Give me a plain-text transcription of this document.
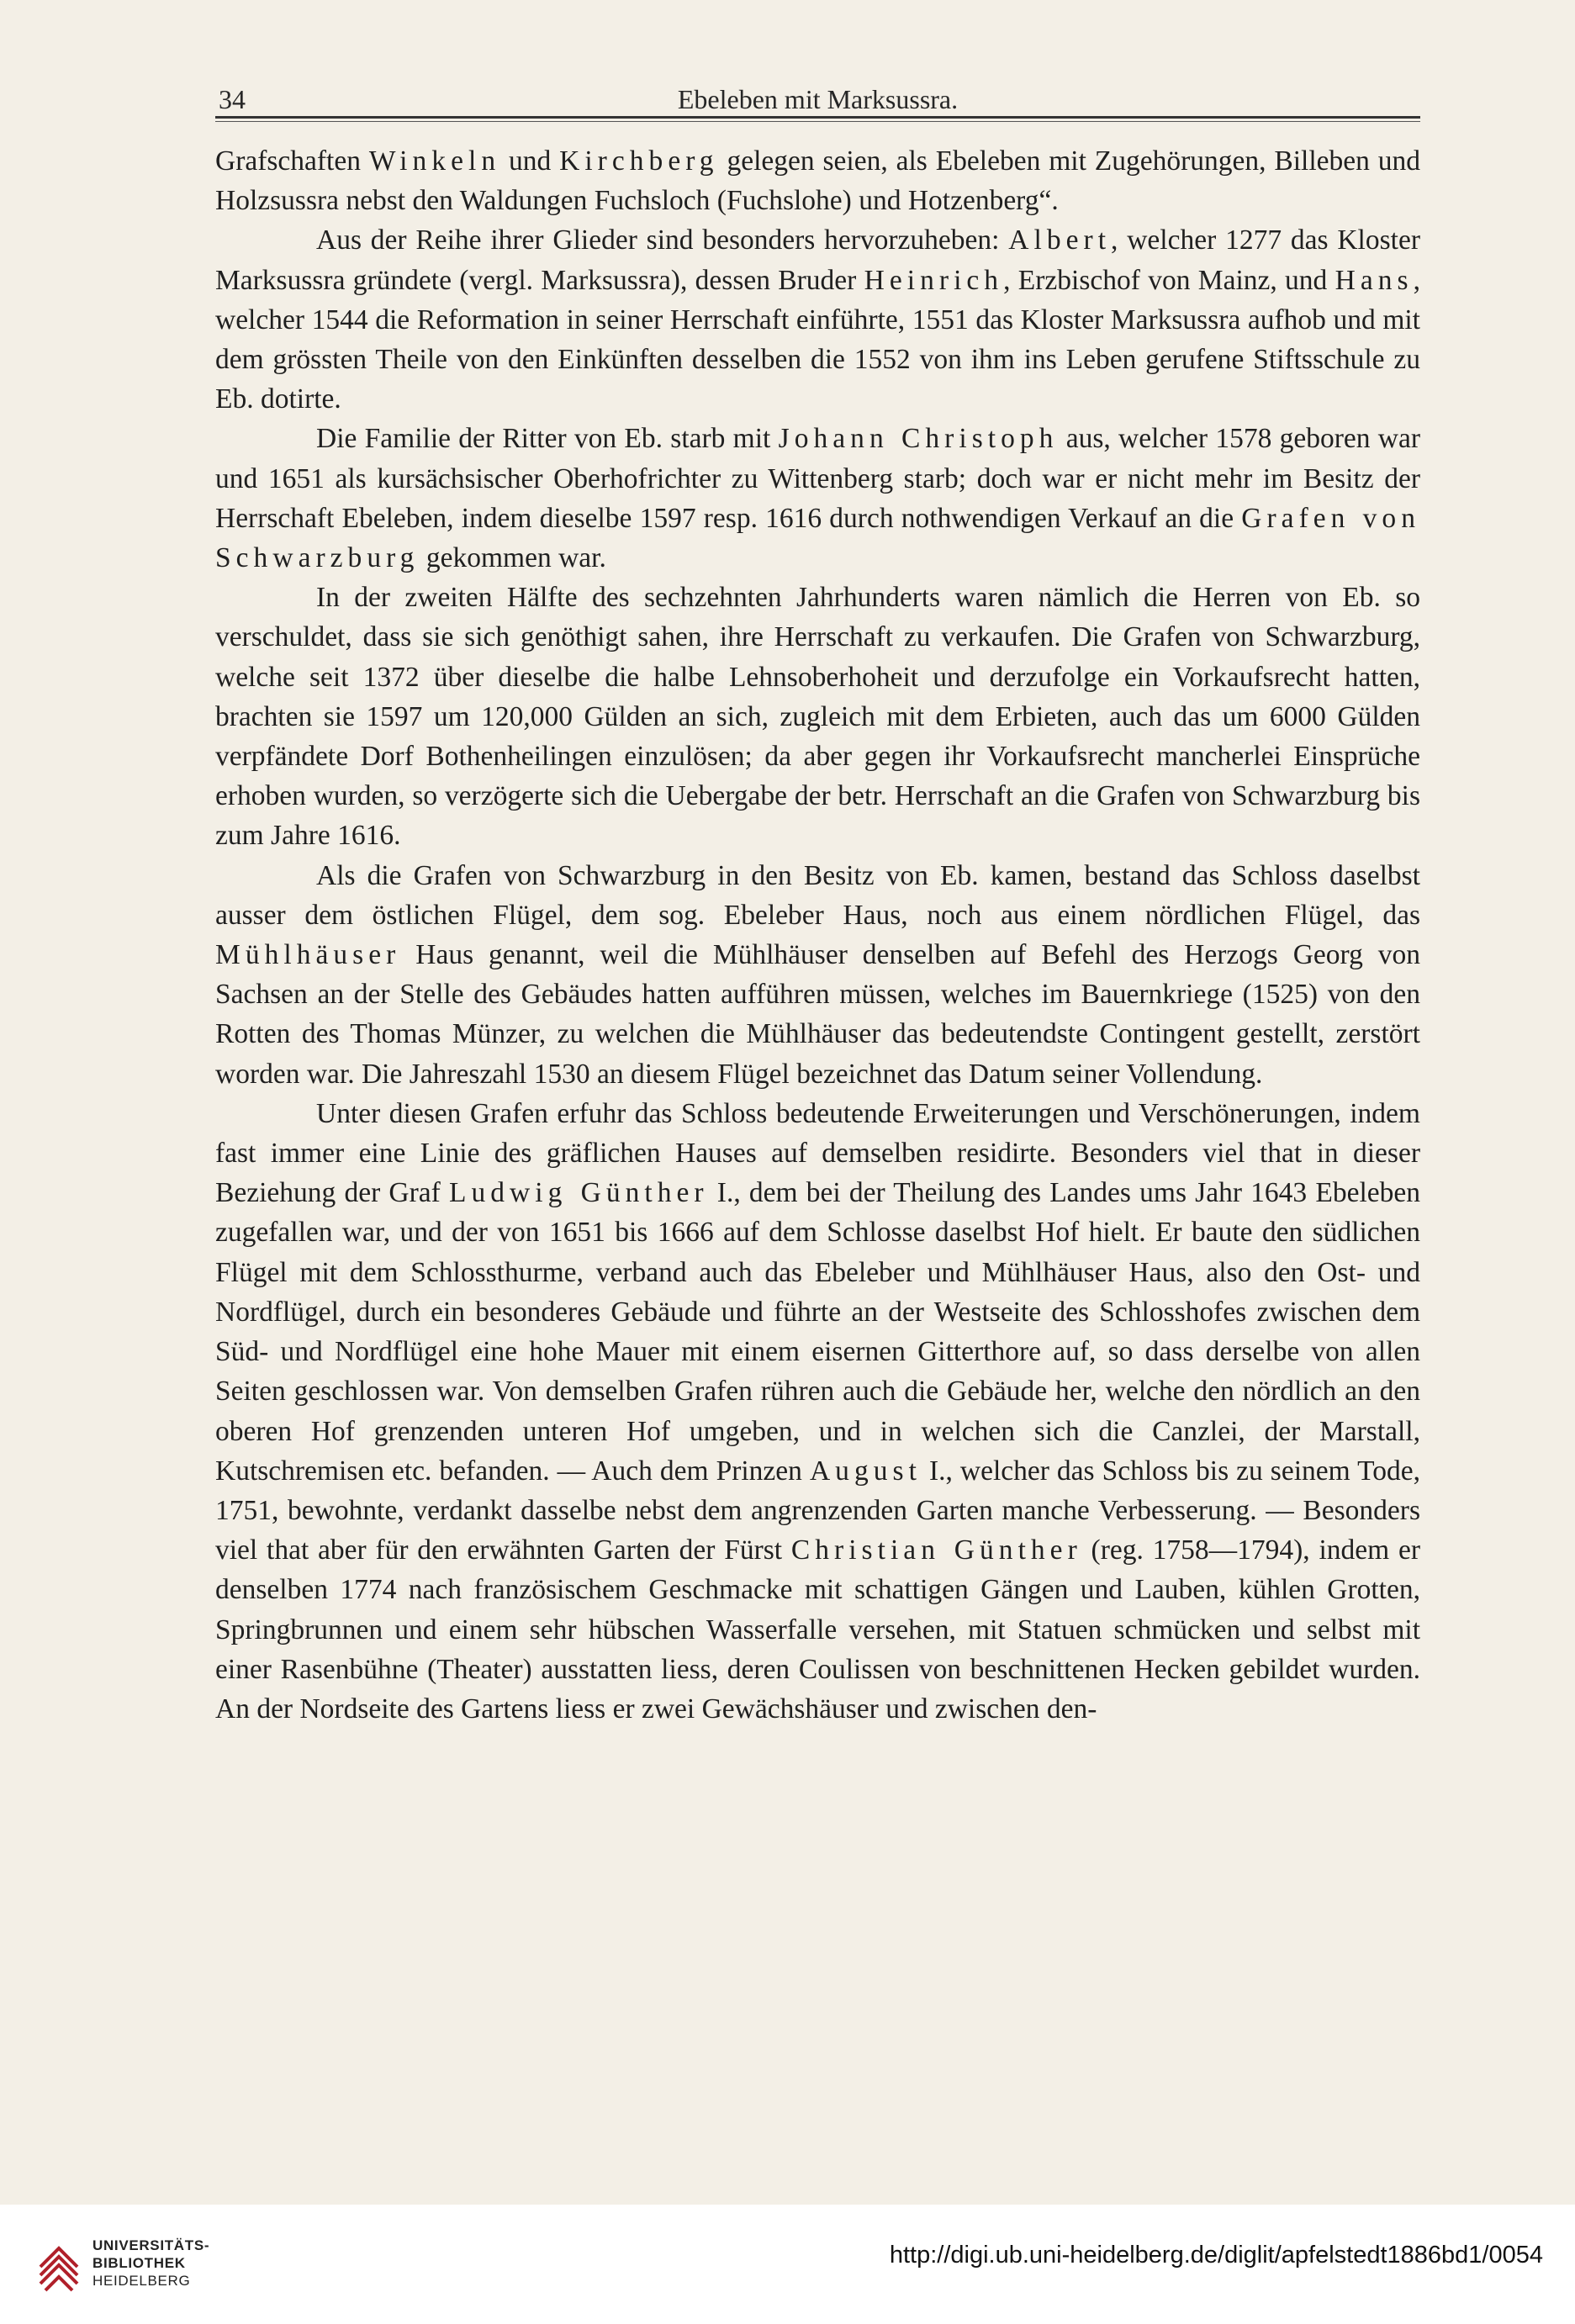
34	Ebeleben mit Marksussra.

Grafschaften Winkeln und Kirchberg gelegen seien, als Ebeleben mit Zugehörungen, Billeben und Holzsussra nebst den Waldungen Fuchsloch (Fuchslohe) und Hotzenberg“.

Aus der Reihe ihrer Glieder sind besonders hervorzuheben: Albert, welcher 1277 das Kloster Marksussra gründete (vergl. Marksussra), dessen Bruder Heinrich, Erzbischof von Mainz, und Hans, welcher 1544 die Reformation in seiner Herrschaft einführte, 1551 das Kloster Marksussra aufhob und mit dem grössten Theile von den Einkünften desselben die 1552 von ihm ins Leben gerufene Stiftsschule zu Eb. dotirte.

Die Familie der Ritter von Eb. starb mit Johann Christoph aus, welcher 1578 geboren war und 1651 als kursächsischer Oberhofrichter zu Wittenberg starb; doch war er nicht mehr im Besitz der Herrschaft Ebeleben, indem dieselbe 1597 resp. 1616 durch nothwendigen Verkauf an die Grafen von Schwarzburg gekommen war.

In der zweiten Hälfte des sechzehnten Jahrhunderts waren nämlich die Herren von Eb. so verschuldet, dass sie sich genöthigt sahen, ihre Herrschaft zu verkaufen. Die Grafen von Schwarzburg, welche seit 1372 über dieselbe die halbe Lehnsoberhoheit und derzufolge ein Vorkaufsrecht hatten, brachten sie 1597 um 120,000 Gülden an sich, zugleich mit dem Erbieten, auch das um 6000 Gülden verpfändete Dorf Bothenheilingen einzulösen; da aber gegen ihr Vorkaufsrecht mancherlei Einsprüche erhoben wurden, so verzögerte sich die Uebergabe der betr. Herrschaft an die Grafen von Schwarzburg bis zum Jahre 1616.

Als die Grafen von Schwarzburg in den Besitz von Eb. kamen, bestand das Schloss daselbst ausser dem östlichen Flügel, dem sog. Ebeleber Haus, noch aus einem nördlichen Flügel, das Mühlhäuser Haus genannt, weil die Mühlhäuser denselben auf Befehl des Herzogs Georg von Sachsen an der Stelle des Gebäudes hatten aufführen müssen, welches im Bauernkriege (1525) von den Rotten des Thomas Münzer, zu welchen die Mühlhäuser das bedeutendste Contingent gestellt, zerstört worden war. Die Jahreszahl 1530 an diesem Flügel bezeichnet das Datum seiner Vollendung.

Unter diesen Grafen erfuhr das Schloss bedeutende Erweiterungen und Verschönerungen, indem fast immer eine Linie des gräflichen Hauses auf demselben residirte. Besonders viel that in dieser Beziehung der Graf Ludwig Günther I., dem bei der Theilung des Landes ums Jahr 1643 Ebeleben zugefallen war, und der von 1651 bis 1666 auf dem Schlosse daselbst Hof hielt. Er baute den südlichen Flügel mit dem Schlossthurme, verband auch das Ebeleber und Mühlhäuser Haus, also den Ost- und Nordflügel, durch ein besonderes Gebäude und führte an der Westseite des Schlosshofes zwischen dem Süd- und Nordflügel eine hohe Mauer mit einem eisernen Gitterthore auf, so dass derselbe von allen Seiten geschlossen war. Von demselben Grafen rühren auch die Gebäude her, welche den nördlich an den oberen Hof grenzenden unteren Hof umgeben, und in welchen sich die Canzlei, der Marstall, Kutschremisen etc. befanden. — Auch dem Prinzen August I., welcher das Schloss bis zu seinem Tode, 1751, bewohnte, verdankt dasselbe nebst dem angrenzenden Garten manche Verbesserung. — Besonders viel that aber für den erwähnten Garten der Fürst Christian Günther (reg. 1758—1794), indem er denselben 1774 nach französischem Geschmacke mit schattigen Gängen und Lauben, kühlen Grotten, Springbrunnen und einem sehr hübschen Wasserfalle versehen, mit Statuen schmücken und selbst mit einer Rasenbühne (Theater) ausstatten liess, deren Coulissen von beschnittenen Hecken gebildet wurden. An der Nordseite des Gartens liess er zwei Gewächshäuser und zwischen den-

UNIVERSITÄTS-
BIBLIOTHEK
HEIDELBERG
http://digi.ub.uni-heidelberg.de/diglit/apfelstedt1886bd1/0054
